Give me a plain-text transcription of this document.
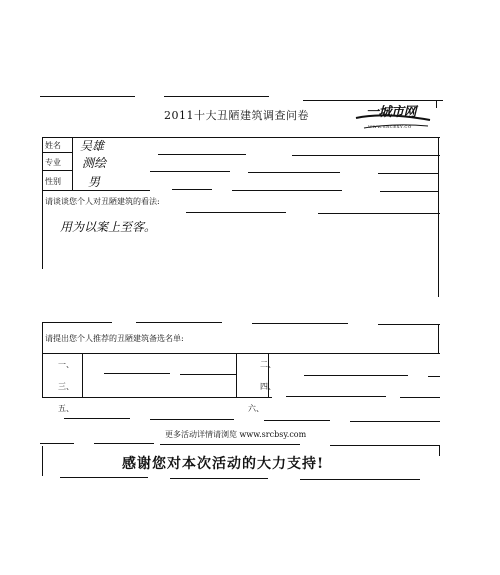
2011十大丑陋建筑调查问卷	一城市网
WWW.SRCEXY.CO
姓名 吴雄
专业 测绘
性别 男
请谈谈您个人对丑陋建筑的看法:
用为以案上至客。
请提出您个人推荐的丑陋建筑备选名单:
一、	二、
三、	四、
五、	六、
更多活动详情请浏览 www.srcbsy.com
感谢您对本次活动的大力支持!
